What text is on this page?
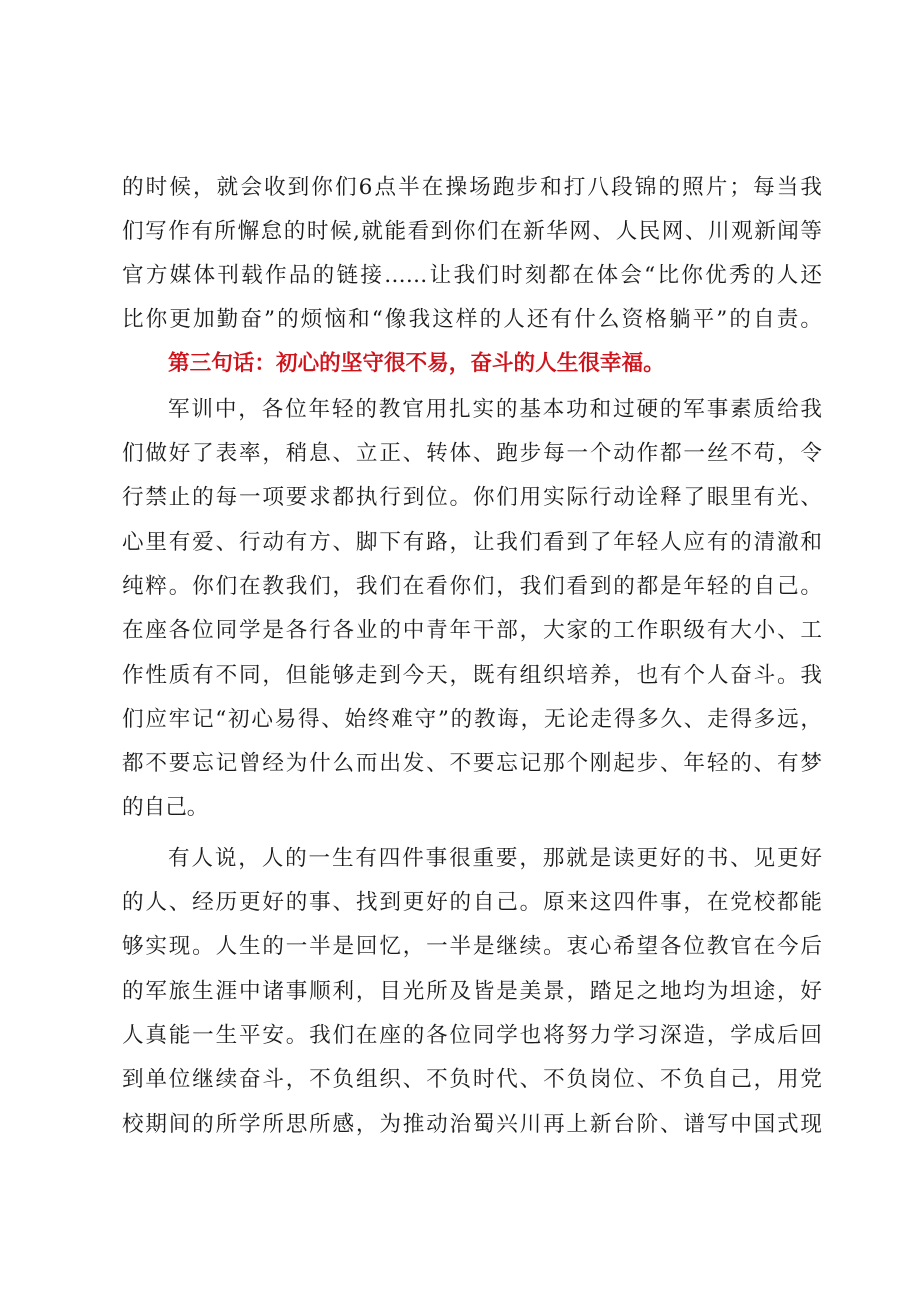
的时候，就会收到你们6点半在操场跑步和打八段锦的照片；每当我
们写作有所懈怠的时候,就能看到你们在新华网、人民网、川观新闻等
官方媒体刊载作品的链接……让我们时刻都在体会“比你优秀的人还
比你更加勤奋”的烦恼和“像我这样的人还有什么资格躺平”的自责。
第三句话：初心的坚守很不易，奋斗的人生很幸福。
军训中，各位年轻的教官用扎实的基本功和过硬的军事素质给我
们做好了表率，稍息、立正、转体、跑步每一个动作都一丝不苟，令
行禁止的每一项要求都执行到位。你们用实际行动诠释了眼里有光、
心里有爱、行动有方、脚下有路，让我们看到了年轻人应有的清澈和
纯粹。你们在教我们，我们在看你们，我们看到的都是年轻的自己。
在座各位同学是各行各业的中青年干部，大家的工作职级有大小、工
作性质有不同，但能够走到今天，既有组织培养，也有个人奋斗。我
们应牢记“初心易得、始终难守”的教诲，无论走得多久、走得多远，
都不要忘记曾经为什么而出发、不要忘记那个刚起步、年轻的、有梦
的自己。
有人说，人的一生有四件事很重要，那就是读更好的书、见更好
的人、经历更好的事、找到更好的自己。原来这四件事，在党校都能
够实现。人生的一半是回忆，一半是继续。衷心希望各位教官在今后
的军旅生涯中诸事顺利，目光所及皆是美景，踏足之地均为坦途，好
人真能一生平安。我们在座的各位同学也将努力学习深造，学成后回
到单位继续奋斗，不负组织、不负时代、不负岗位、不负自己，用党
校期间的所学所思所感，为推动治蜀兴川再上新台阶、谱写中国式现
